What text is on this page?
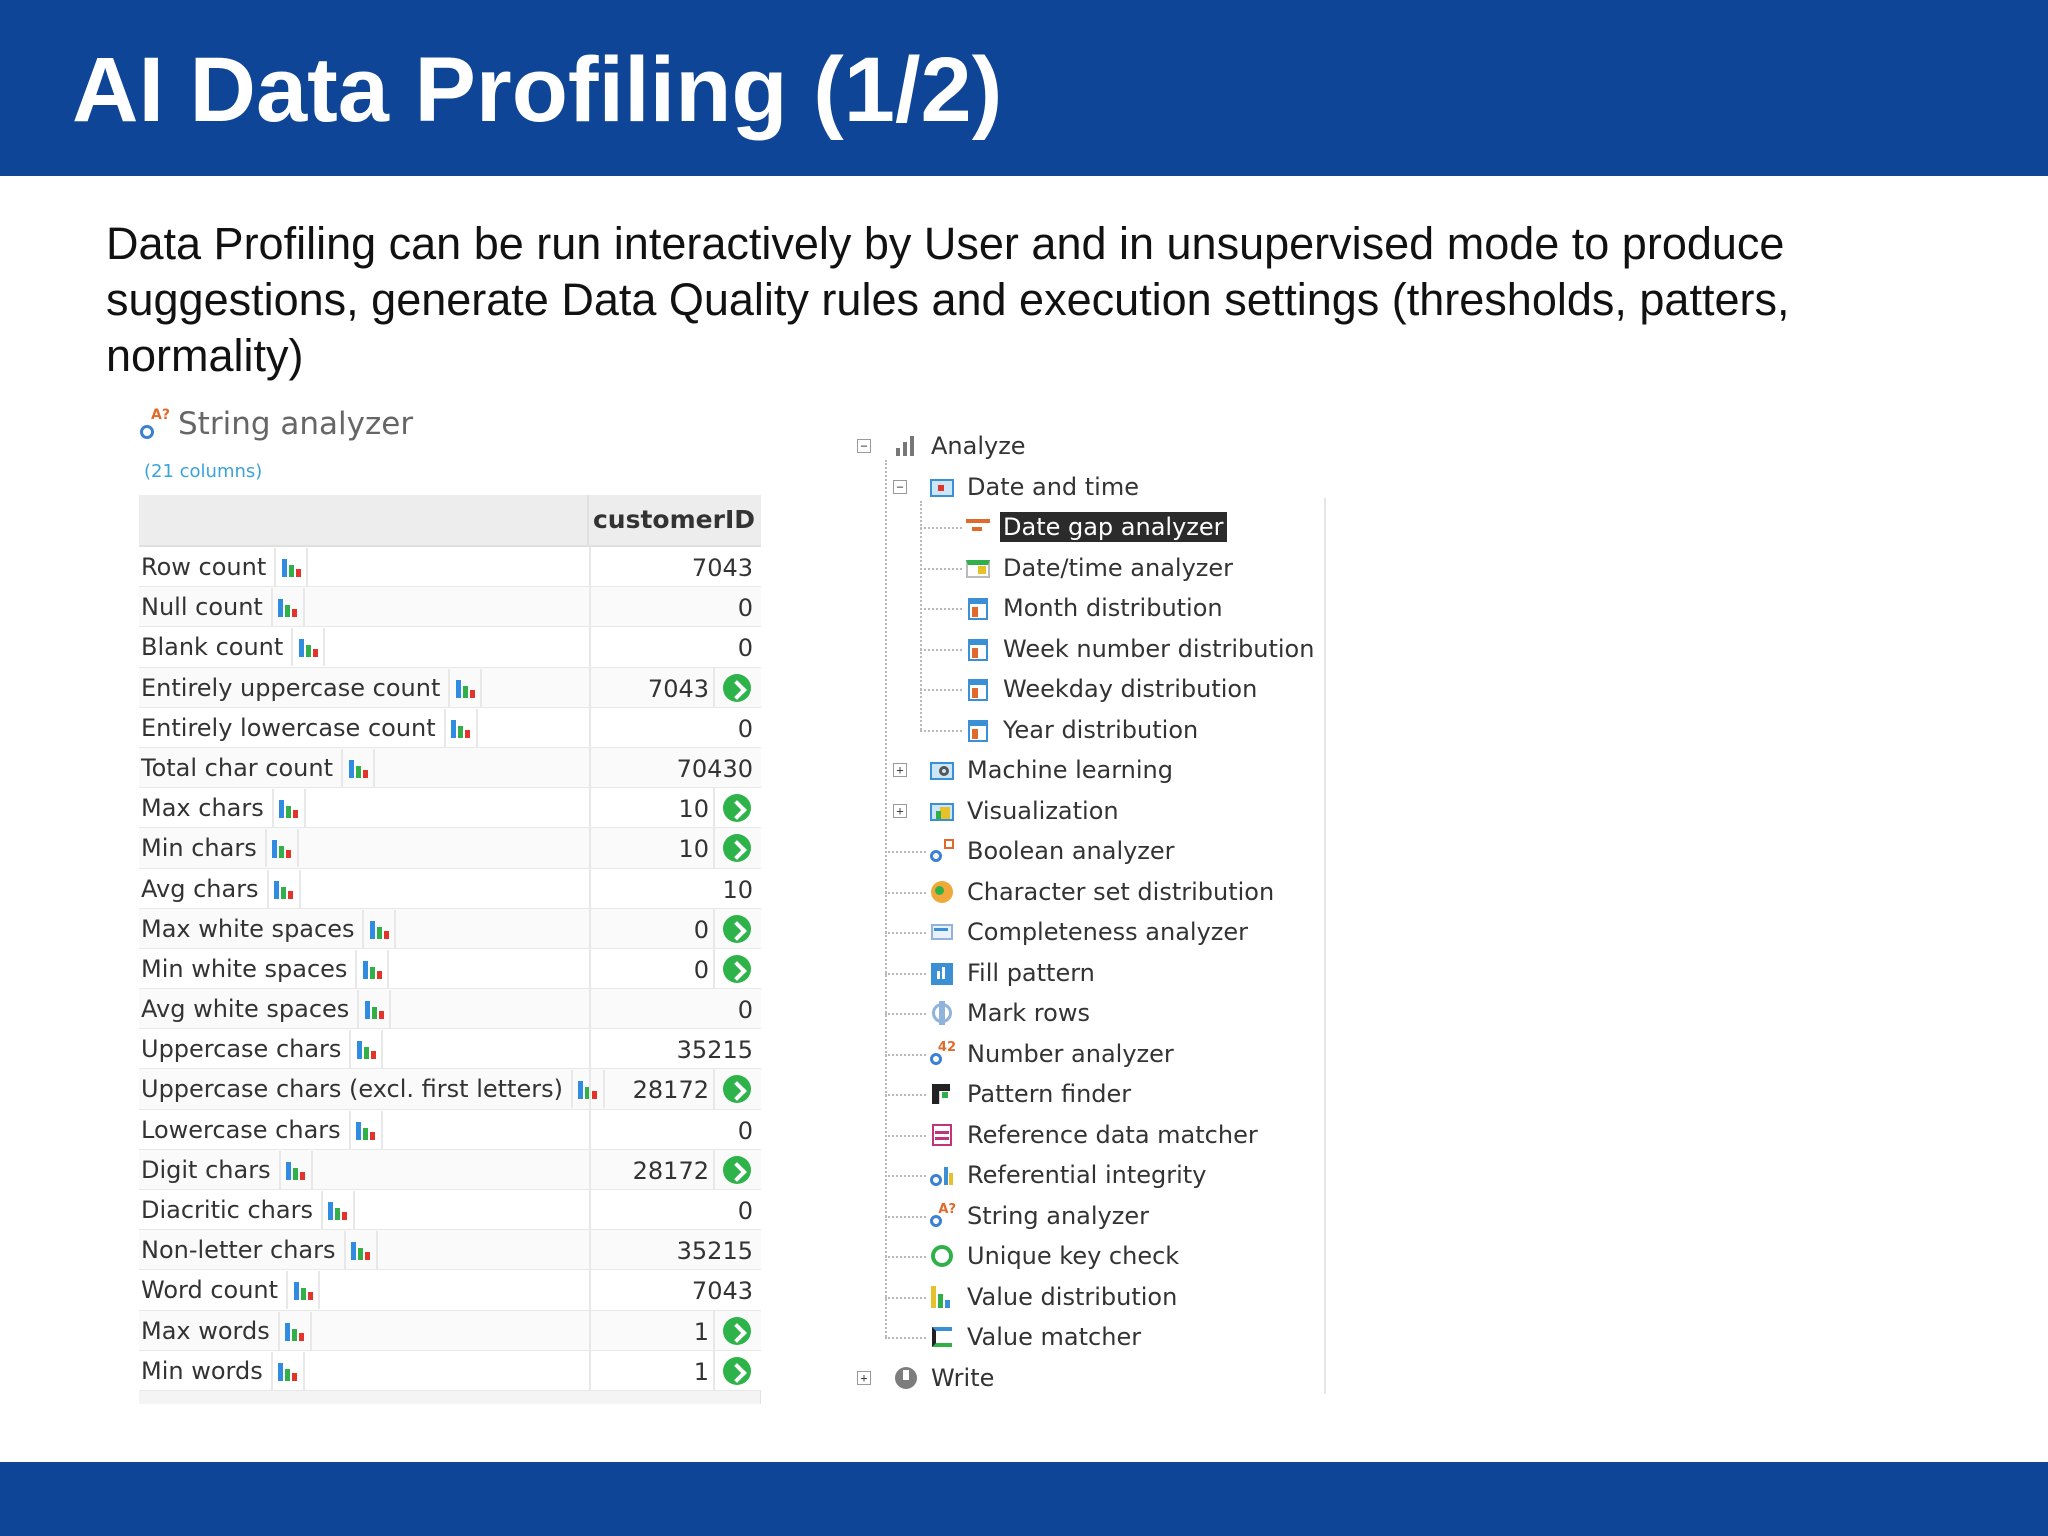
AI Data Profiling (1/2)
Data Profiling can be run interactively by User and in unsupervised mode to produce suggestions, generate Data Quality rules and execution settings (thresholds, patters, normality)
A? String analyzer
(21 columns)
customerID
Row count	7043
Null count	0
Blank count	0
Entirely uppercase count	7043
Entirely lowercase count	0
Total char count	70430
Max chars	10
Min chars	10
Avg chars	10
Max white spaces	0
Min white spaces	0
Avg white spaces	0
Uppercase chars	35215
Uppercase chars (excl. first letters)	28172
Lowercase chars	0
Digit chars	28172
Diacritic chars	0
Non-letter chars	35215
Word count	7043
Max words	1
Min words	1
Analyze
−
Date and time
−
Date gap analyzer
Date/time analyzer
Month distribution
Week number distribution
Weekday distribution
Year distribution
Machine learning
+
Visualization
+
Boolean analyzer
Character set distribution
Completeness analyzer
Fill pattern
Mark rows
42 Number analyzer
Pattern finder
Reference data matcher
Referential integrity
A? String analyzer
Unique key check
Value distribution
Value matcher
Write
+
